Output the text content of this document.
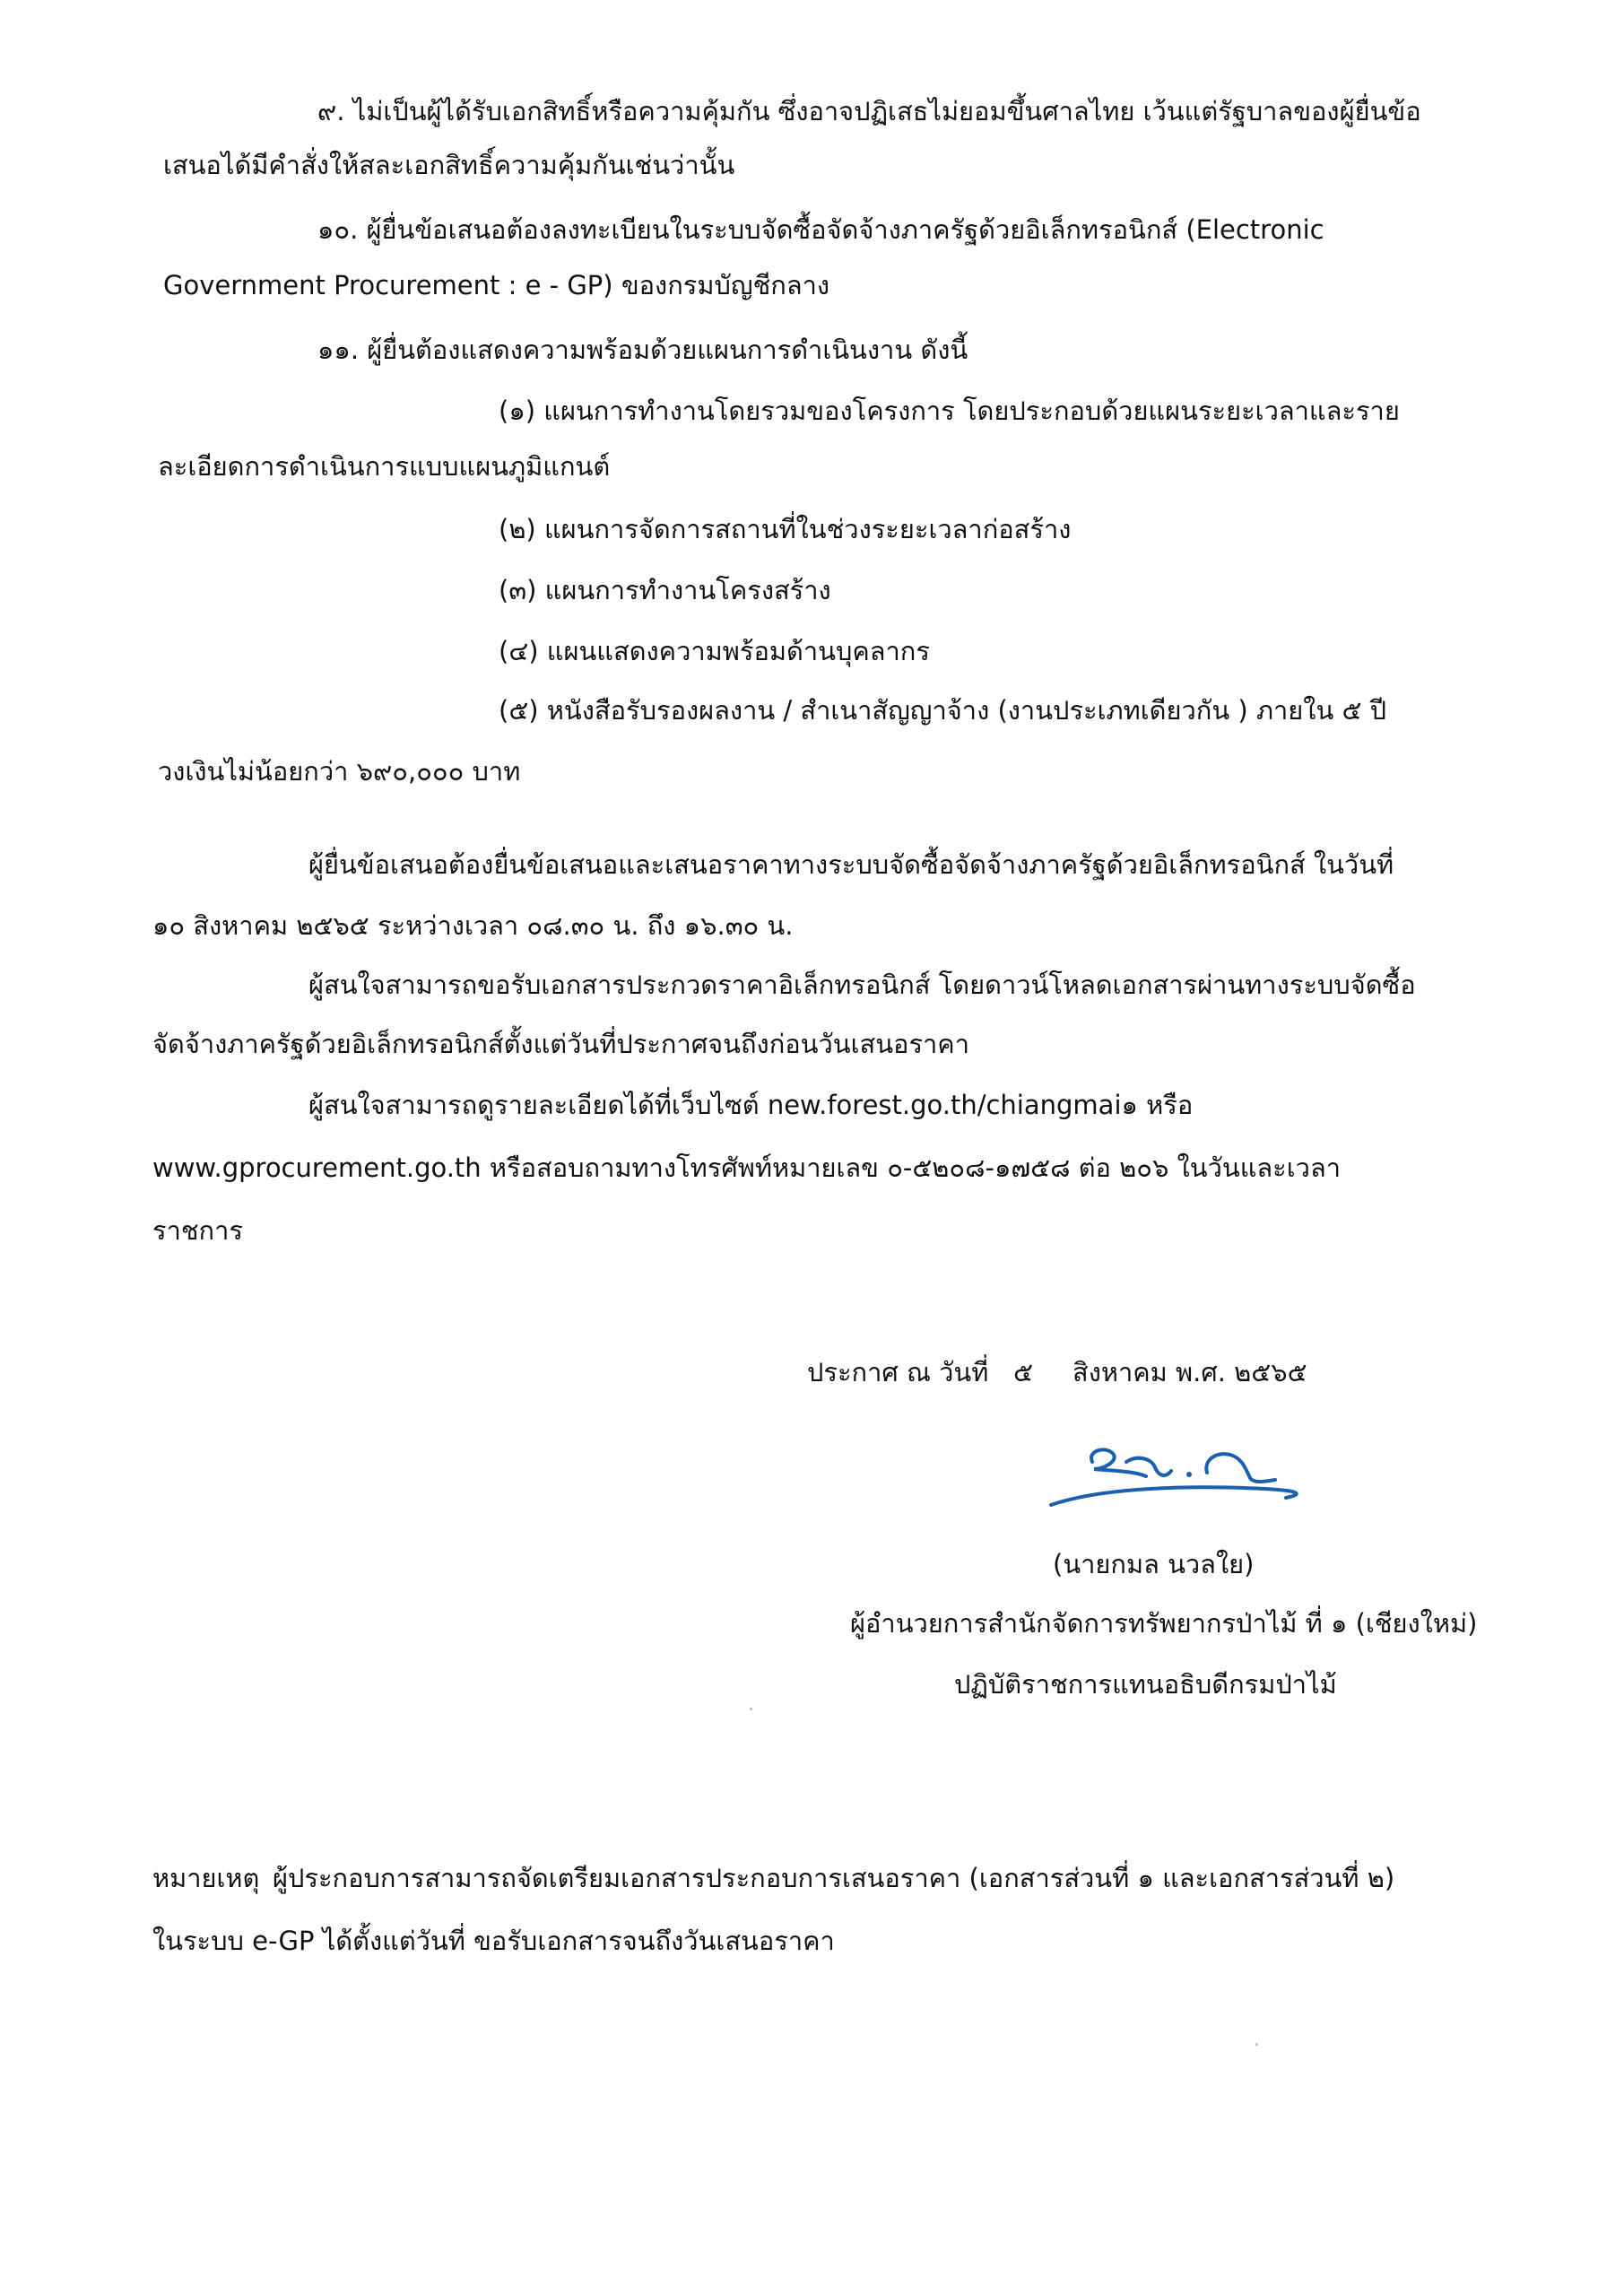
๙. ไม่เป็นผู้ได้รับเอกสิทธิ์หรือความคุ้มกัน ซึ่งอาจปฏิเสธไม่ยอมขึ้นศาลไทย เว้นแต่รัฐบาลของผู้ยื่นข้อ
เสนอได้มีคำสั่งให้สละเอกสิทธิ์ความคุ้มกันเช่นว่านั้น
๑๐. ผู้ยื่นข้อเสนอต้องลงทะเบียนในระบบจัดซื้อจัดจ้างภาครัฐด้วยอิเล็กทรอนิกส์ (Electronic
Government Procurement : e - GP) ของกรมบัญชีกลาง
๑๑. ผู้ยื่นต้องแสดงความพร้อมด้วยแผนการดำเนินงาน ดังนี้
(๑) แผนการทำงานโดยรวมของโครงการ โดยประกอบด้วยแผนระยะเวลาและราย
ละเอียดการดำเนินการแบบแผนภูมิแกนต์
(๒) แผนการจัดการสถานที่ในช่วงระยะเวลาก่อสร้าง
(๓) แผนการทำงานโครงสร้าง
(๔) แผนแสดงความพร้อมด้านบุคลากร
(๕) หนังสือรับรองผลงาน / สำเนาสัญญาจ้าง (งานประเภทเดียวกัน ) ภายใน ๕ ปี
วงเงินไม่น้อยกว่า ๖๙๐,๐๐๐ บาท
ผู้ยื่นข้อเสนอต้องยื่นข้อเสนอและเสนอราคาทางระบบจัดซื้อจัดจ้างภาครัฐด้วยอิเล็กทรอนิกส์ ในวันที่
๑๐ สิงหาคม ๒๕๖๕ ระหว่างเวลา ๐๘.๓๐ น. ถึง ๑๖.๓๐ น.
ผู้สนใจสามารถขอรับเอกสารประกวดราคาอิเล็กทรอนิกส์ โดยดาวน์โหลดเอกสารผ่านทางระบบจัดซื้อ
จัดจ้างภาครัฐด้วยอิเล็กทรอนิกส์ตั้งแต่วันที่ประกาศจนถึงก่อนวันเสนอราคา
ผู้สนใจสามารถดูรายละเอียดได้ที่เว็บไซต์ new.forest.go.th/chiangmai๑ หรือ
www.gprocurement.go.th หรือสอบถามทางโทรศัพท์หมายเลข ๐-๕๒๐๘-๑๗๕๘ ต่อ ๒๐๖ ในวันและเวลา
ราชการ
ประกาศ ณ วันที่ ๕ สิงหาคม พ.ศ. ๒๕๖๕
(นายกมล นวลใย)
ผู้อำนวยการสำนักจัดการทรัพยากรป่าไม้ ที่ ๑ (เชียงใหม่)
ปฏิบัติราชการแทนอธิบดีกรมป่าไม้
หมายเหตุ ผู้ประกอบการสามารถจัดเตรียมเอกสารประกอบการเสนอราคา (เอกสารส่วนที่ ๑ และเอกสารส่วนที่ ๒)
ในระบบ e-GP ได้ตั้งแต่วันที่ ขอรับเอกสารจนถึงวันเสนอราคา
